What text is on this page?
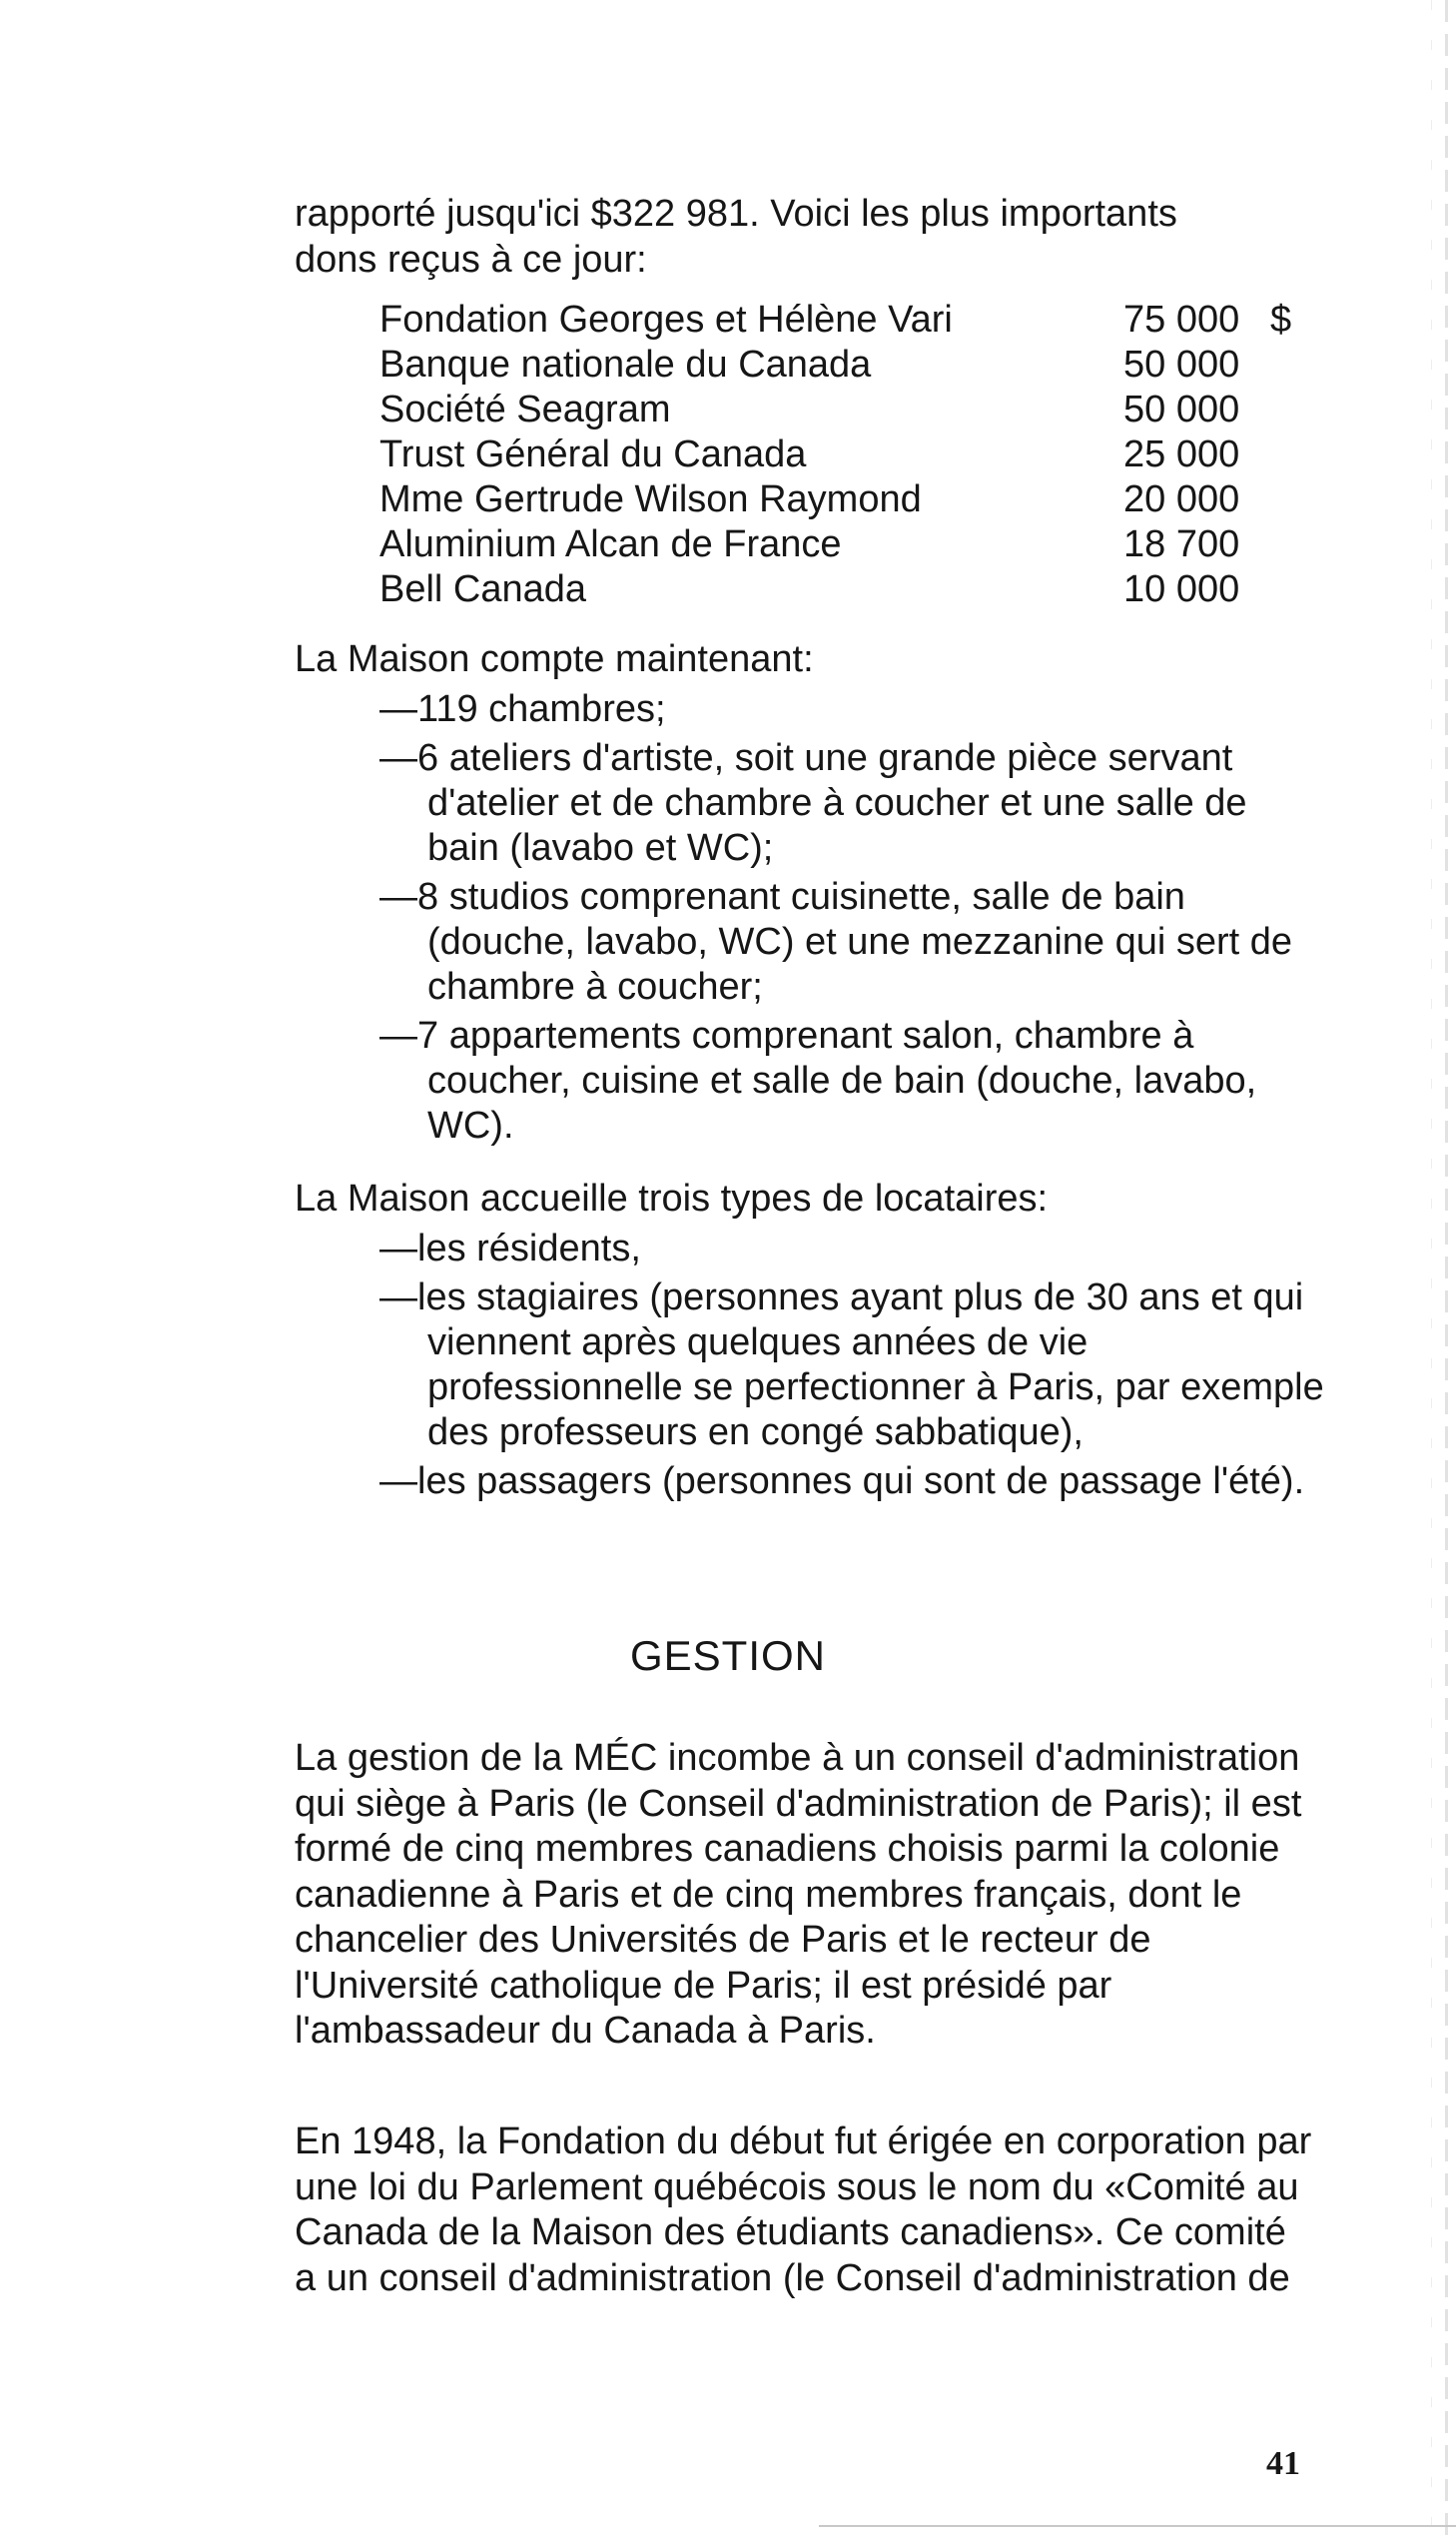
rapporté jusqu'ici $322 981. Voici les plus importants
dons reçus à ce jour:

Fondation Georges et Hélène Vari	75 000 $
Banque nationale du Canada	50 000
Société Seagram	50 000
Trust Général du Canada	25 000
Mme Gertrude Wilson Raymond	20 000
Aluminium Alcan de France	18 700
Bell Canada	10 000

La Maison compte maintenant:

—119 chambres;
—6 ateliers d'artiste, soit une grande pièce servant d'atelier et de chambre à coucher et une salle de bain (lavabo et WC);
—8 studios comprenant cuisinette, salle de bain (douche, lavabo, WC) et une mezzanine qui sert de chambre à coucher;
—7 appartements comprenant salon, chambre à coucher, cuisine et salle de bain (douche, lavabo, WC).

La Maison accueille trois types de locataires:

—les résidents,
—les stagiaires (personnes ayant plus de 30 ans et qui viennent après quelques années de vie professionnelle se perfectionner à Paris, par exemple des professeurs en congé sabbatique),
—les passagers (personnes qui sont de passage l'été).
GESTION

La gestion de la MÉC incombe à un conseil d'administration qui siège à Paris (le Conseil d'administration de Paris); il est formé de cinq membres canadiens choisis parmi la colonie canadienne à Paris et de cinq membres français, dont le chancelier des Universités de Paris et le recteur de l'Université catholique de Paris; il est présidé par l'ambassadeur du Canada à Paris.

En 1948, la Fondation du début fut érigée en corporation par une loi du Parlement québécois sous le nom du «Comité au Canada de la Maison des étudiants canadiens». Ce comité a un conseil d'administration (le Conseil d'administration de

41
